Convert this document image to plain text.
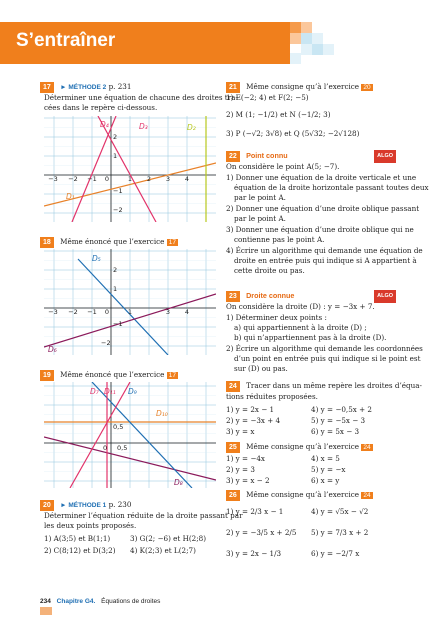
S’entraîner
17 ► MÉTHODE 2 p. 231
Déterminer une équation de chacune des droites tra-
cées dans le repère ci-dessous.
−3 −2 −1 0	1 2 3 4
2
1
−1
−2
D₁
D₂
D₃
D₄
18 Même énoncé que l’exercice 17
−3 −2 −1 0	1	3 4
2
1
−1
−2
D₅
D₆
19 Même énoncé que l’exercice 17
0,5
0,5
0
D₇
D₈
D₉
D₁₀
D₁₁
20 ► MÉTHODE 1 p. 230
Déterminer l’équation réduite de la droite passant par
les deux points proposés.
1) A(3;5) et B(1;1)	3) G(2; −6) et H(2;8)
2) C(8;12) et D(3;2) 4) K(2;3) et L(2;7)
21 Même consigne qu’à l’exercice 20
1) E(−2; 4) et F(2; −5)
2) M (1; −1/2) et N (−1/2; 3)
3) P (−√2; 3√8) et Q (5√32; −2√128)
22 Point connu	ALGO
On considère le point A(5; −7).
1) Donner une équation de la droite verticale et une
équation de la droite horizontale passant toutes deux
par le point A.
2) Donner une équation d’une droite oblique passant
par le point A.
3) Donner une équation d’une droite oblique qui ne
contienne pas le point A.
4) Écrire un algorithme qui demande une équation de
droite en entrée puis qui indique si A appartient à
cette droite ou pas.
23 Droite connue	ALGO
On considère la droite (D) : y = −3x + 7.
1) Déterminer deux points :
a) qui appartiennent à la droite (D) ;
b) qui n’appartiennent pas à la droite (D).
2) Écrire un algorithme qui demande les coordonnées
d’un point en entrée puis qui indique si le point est
sur (D) ou pas.
24 Tracer dans un même repère les droites d’équa-
tions réduites proposées.
1) y = 2x − 1	4) y = −0,5x + 2
2) y = −3x + 4	5) y = −5x − 3
3) y = x	6) y = 5x − 3
25 Même consigne qu’à l’exercice 24
1) y = −4x	4) x = 5
2) y = 3	5) y = −x
3) y = x − 2	6) x = y
26 Même consigne qu’à l’exercice 24
1) y = 2/3 x − 1	4) y = √5x − √2
2) y = −3/5 x + 2/5 5) y = 7/3 x + 2
3) y = 2x − 1/3	6) y = −2/7 x
234 Chapitre G4. Équations de droites
